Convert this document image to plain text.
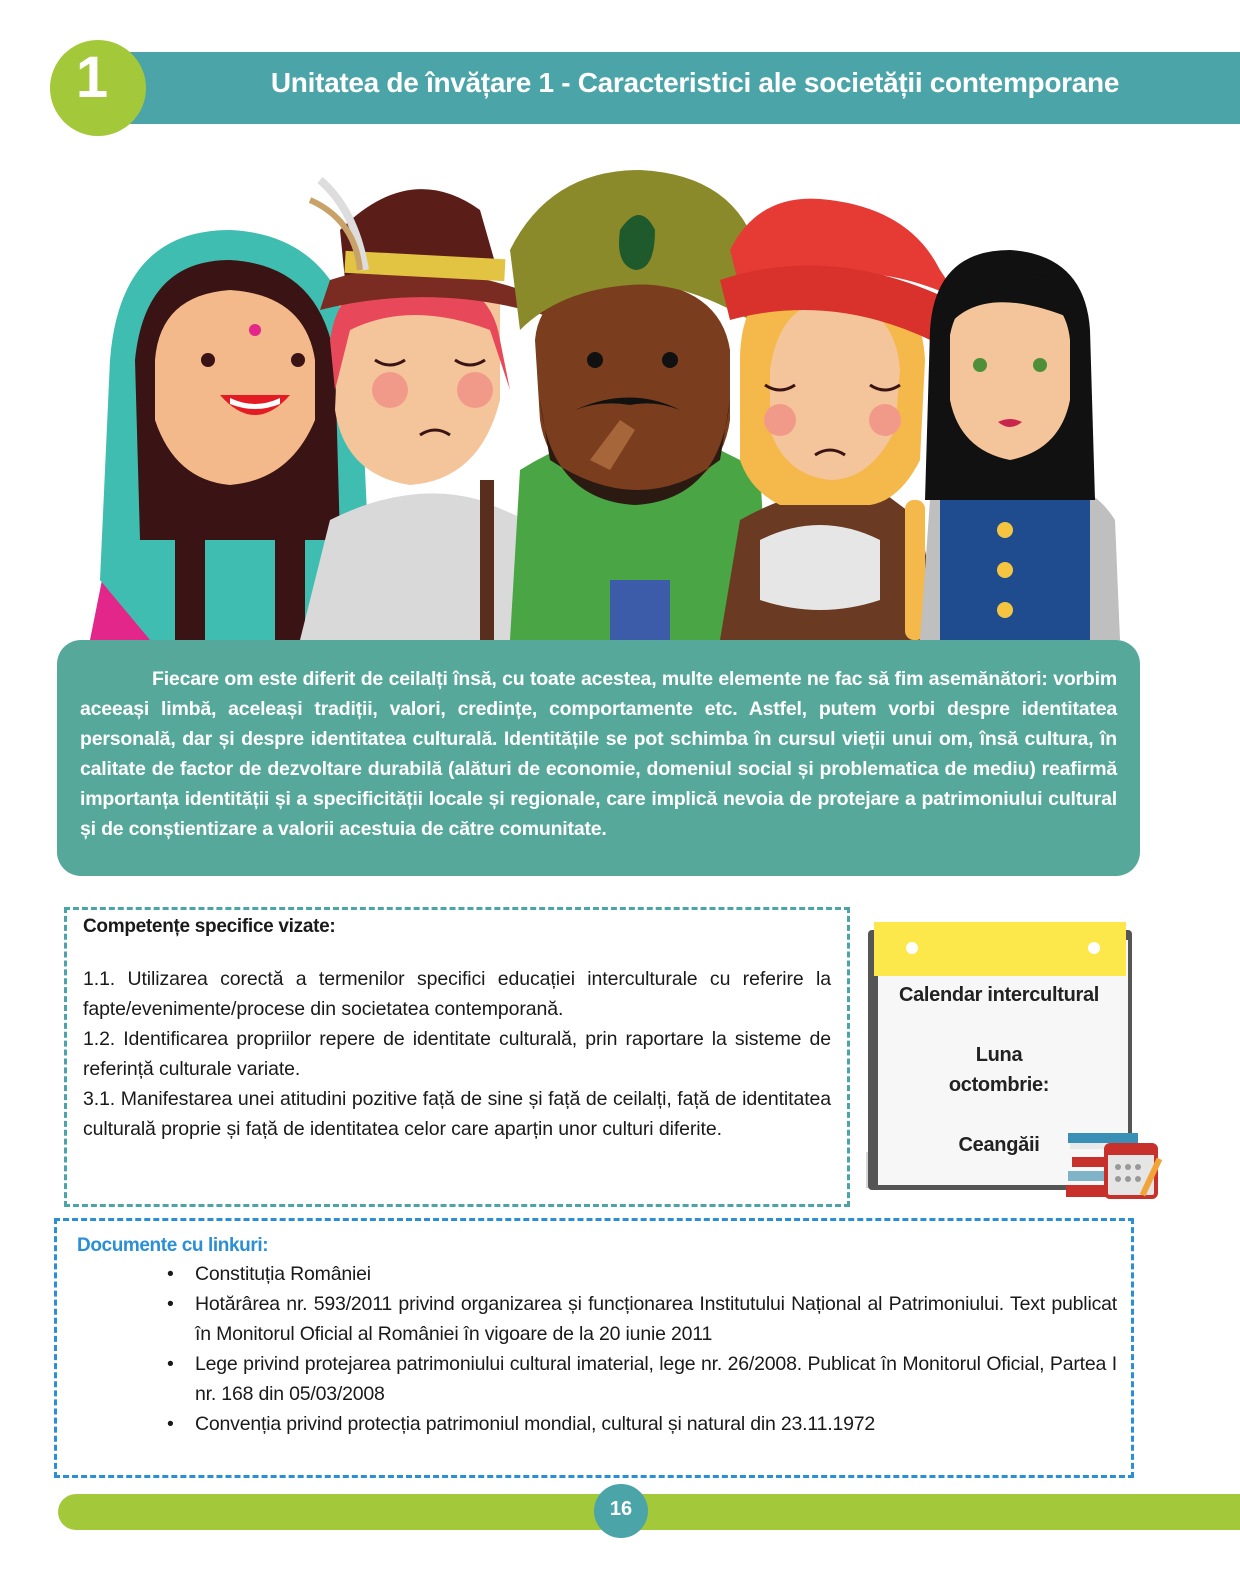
Unitatea de învățare 1 - Caracteristici ale societății contemporane
1

Fiecare om este diferit de ceilalți însă, cu toate acestea, multe elemente ne fac să fim asemănători: vorbim aceeași limbă, aceleași tradiții, valori, credințe, comportamente etc. Astfel, putem vorbi despre identitatea personală, dar și despre identitatea culturală. Identitățile se pot schimba în cursul vieții unui om, însă cultura, în calitate de factor de dezvoltare durabilă (alături de economie, domeniul social și problematica de mediu) reafirmă importanța identității și a specificității locale și regionale, care implică nevoia de protejare a patrimoniului cultural și de conștientizare a valorii acestuia de către comunitate.

Competențe specifice vizate:

1.1. Utilizarea corectă a termenilor specifici educației interculturale cu referire la fapte/evenimente/procese din societatea contemporană.

1.2. Identificarea propriilor repere de identitate culturală, prin raportare la sisteme de referință culturale variate.

3.1. Manifestarea unei atitudini pozitive față de sine și față de ceilalți, față de identitatea culturală proprie și față de identitatea celor care aparțin unor culturi diferite.

Calendar intercultural
Luna
octombrie:
Ceangăii

Documente cu linkuri:

• Constituția României
• Hotărârea nr. 593/2011 privind organizarea și funcționarea Institutului Național al Patrimoniului. Text publicat în Monitorul Oficial al României în vigoare de la 20 iunie 2011
• Lege privind protejarea patrimoniului cultural imaterial, lege nr. 26/2008. Publicat în Monitorul Oficial, Partea I nr. 168 din 05/03/2008
• Convenția privind protecția patrimoniul mondial, cultural și natural din 23.11.1972
16
